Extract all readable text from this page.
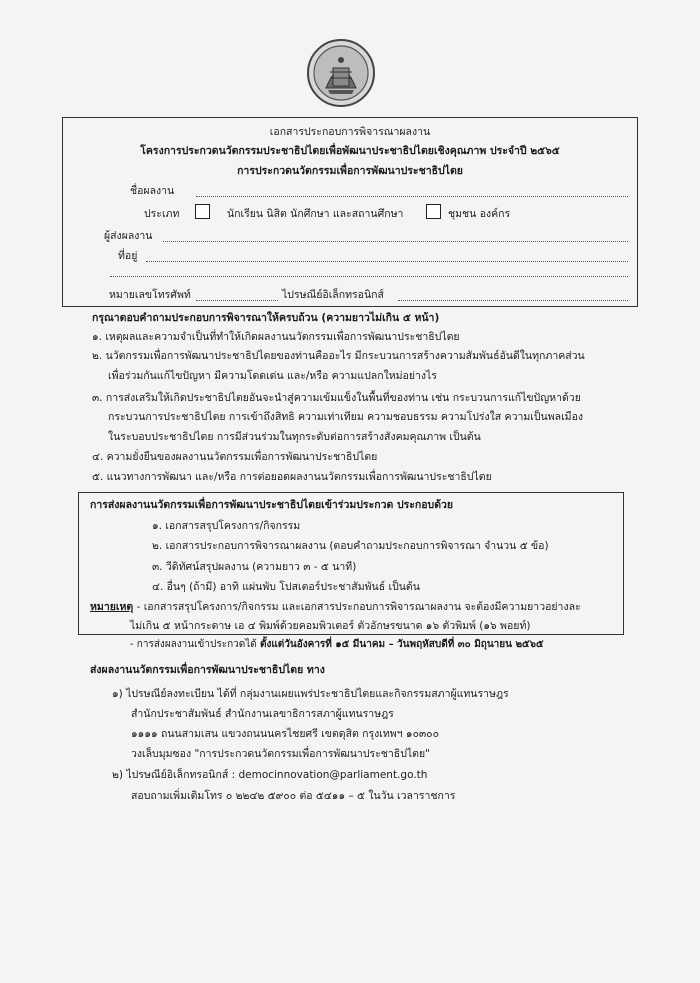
เอกสารประกอบการพิจารณาผลงาน
โครงการประกวดนวัตกรรมประชาธิปไตยเพื่อพัฒนาประชาธิปไตยเชิงคุณภาพ ประจำปี ๒๕๖๕
การประกวดนวัตกรรมเพื่อการพัฒนาประชาธิปไตย
ชื่อผลงาน
ประเภท	นักเรียน นิสิต นักศึกษา และสถานศึกษา	ชุมชน องค์กร
ผู้ส่งผลงาน
ที่อยู่
หมายเลขโทรศัพท์	ไปรษณีย์อิเล็กทรอนิกส์
กรุณาตอบคำถามประกอบการพิจารณาให้ครบถ้วน (ความยาวไม่เกิน ๕ หน้า)
๑. เหตุผลและความจำเป็นที่ทำให้เกิดผลงานนวัตกรรมเพื่อการพัฒนาประชาธิปไตย
๒. นวัตกรรมเพื่อการพัฒนาประชาธิปไตยของท่านคืออะไร มีกระบวนการสร้างความสัมพันธ์อันดีในทุกภาคส่วน
เพื่อร่วมกันแก้ไขปัญหา มีความโดดเด่น และ/หรือ ความแปลกใหม่อย่างไร
๓. การส่งเสริมให้เกิดประชาธิปไตยอันจะนำสู่ความเข้มแข็งในพื้นที่ของท่าน เช่น กระบวนการแก้ไขปัญหาด้วย
กระบวนการประชาธิปไตย การเข้าถึงสิทธิ ความเท่าเทียม ความชอบธรรม ความโปร่งใส ความเป็นพลเมือง
ในระบอบประชาธิปไตย การมีส่วนร่วมในทุกระดับต่อการสร้างสังคมคุณภาพ เป็นต้น
๔. ความยั่งยืนของผลงานนวัตกรรมเพื่อการพัฒนาประชาธิปไตย
๕. แนวทางการพัฒนา และ/หรือ การต่อยอดผลงานนวัตกรรมเพื่อการพัฒนาประชาธิปไตย
การส่งผลงานนวัตกรรมเพื่อการพัฒนาประชาธิปไตยเข้าร่วมประกวด ประกอบด้วย
๑. เอกสารสรุปโครงการ/กิจกรรม
๒. เอกสารประกอบการพิจารณาผลงาน (ตอบคำถามประกอบการพิจารณา จำนวน ๕ ข้อ)
๓. วีดิทัศน์สรุปผลงาน (ความยาว ๓ - ๕ นาที)
๔. อื่นๆ (ถ้ามี) อาทิ แผ่นพับ โปสเตอร์ประชาสัมพันธ์ เป็นต้น
หมายเหตุ - เอกสารสรุปโครงการ/กิจกรรม และเอกสารประกอบการพิจารณาผลงาน จะต้องมีความยาวอย่างละ
ไม่เกิน ๕ หน้ากระดาษ เอ ๔ พิมพ์ด้วยคอมพิวเตอร์ ตัวอักษรขนาด ๑๖ ตัวพิมพ์ (๑๖ พอยท์)
- การส่งผลงานเข้าประกวดได้ ตั้งแต่วันอังคารที่ ๑๕ มีนาคม – วันพฤหัสบดีที่ ๓๐ มิถุนายน ๒๕๖๕
ส่งผลงานนวัตกรรมเพื่อการพัฒนาประชาธิปไตย ทาง
๑) ไปรษณีย์ลงทะเบียน ได้ที่ กลุ่มงานเผยแพร่ประชาธิปไตยและกิจกรรมสภาผู้แทนราษฎร
สำนักประชาสัมพันธ์ สำนักงานเลขาธิการสภาผู้แทนราษฎร
๑๑๑๑ ถนนสามเสน แขวงถนนนครไชยศรี เขตดุสิต กรุงเทพฯ ๑๐๓๐๐
วงเล็บมุมซอง "การประกวดนวัตกรรมเพื่อการพัฒนาประชาธิปไตย"
๒) ไปรษณีย์อิเล็กทรอนิกส์ : democinnovation@parliament.go.th
สอบถามเพิ่มเติมโทร ๐ ๒๒๔๒ ๕๙๐๐ ต่อ ๕๔๑๑ – ๕ ในวัน เวลาราชการ
